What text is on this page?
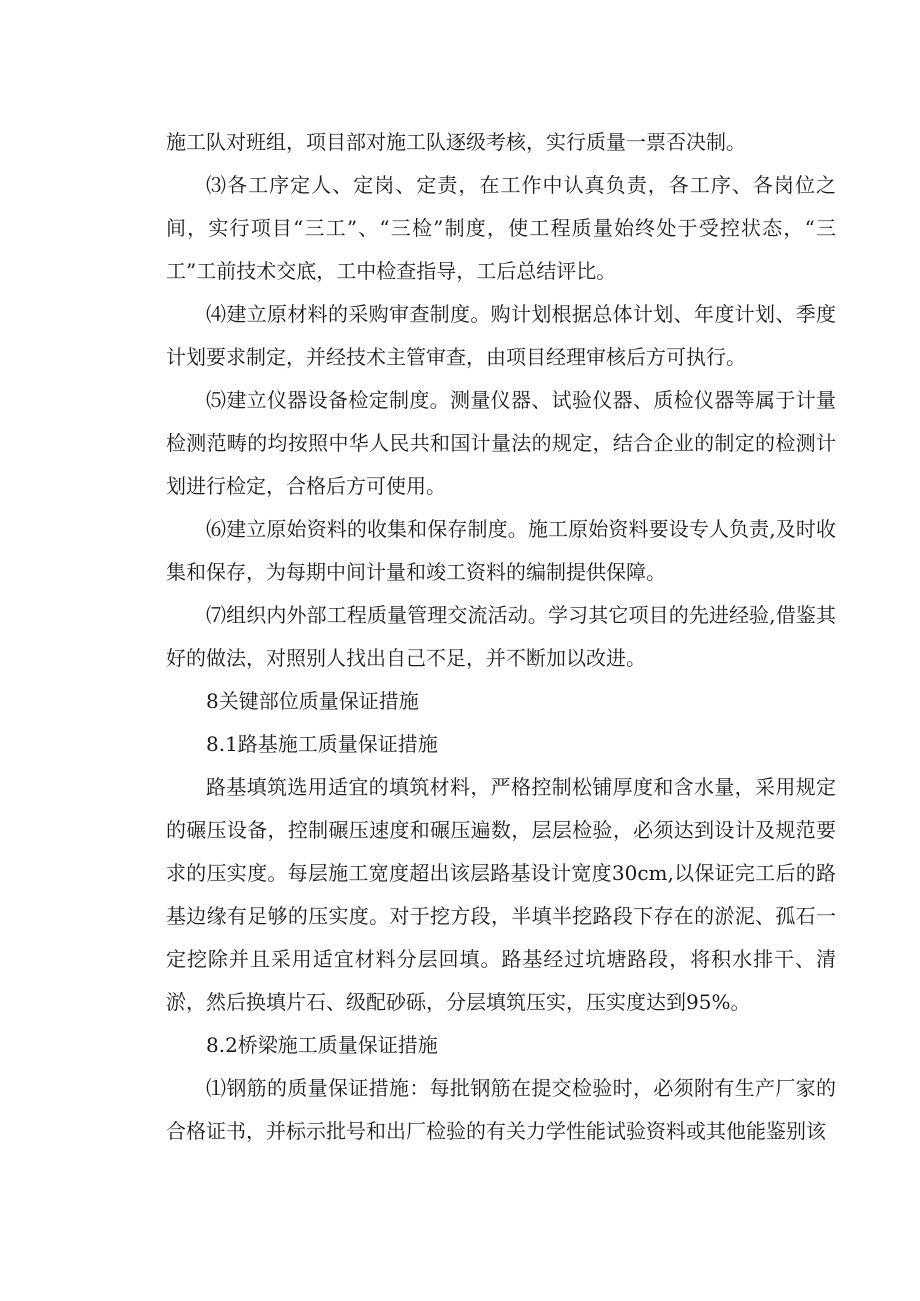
施工队对班组，项目部对施工队逐级考核，实行质量一票否决制。

⑶各工序定人、定岗、定责，在工作中认真负责，各工序、各岗位之间，实行项目“三工”、“三检”制度，使工程质量始终处于受控状态，“三工”工前技术交底，工中检查指导，工后总结评比。

⑷建立原材料的采购审查制度。购计划根据总体计划、年度计划、季度计划要求制定，并经技术主管审查，由项目经理审核后方可执行。

⑸建立仪器设备检定制度。测量仪器、试验仪器、质检仪器等属于计量检测范畴的均按照中华人民共和国计量法的规定，结合企业的制定的检测计划进行检定，合格后方可使用。

⑹建立原始资料的收集和保存制度。施工原始资料要设专人负责,及时收集和保存，为每期中间计量和竣工资料的编制提供保障。

⑺组织内外部工程质量管理交流活动。学习其它项目的先进经验,借鉴其好的做法，对照别人找出自己不足，并不断加以改进。

8关键部位质量保证措施

8.1路基施工质量保证措施

路基填筑选用适宜的填筑材料，严格控制松铺厚度和含水量，采用规定的碾压设备，控制碾压速度和碾压遍数，层层检验，必须达到设计及规范要求的压实度。每层施工宽度超出该层路基设计宽度30cm,以保证完工后的路基边缘有足够的压实度。对于挖方段，半填半挖路段下存在的淤泥、孤石一定挖除并且采用适宜材料分层回填。路基经过坑塘路段，将积水排干、清淤，然后换填片石、级配砂砾，分层填筑压实，压实度达到95%。

8.2桥梁施工质量保证措施

⑴钢筋的质量保证措施：每批钢筋在提交检验时，必须附有生产厂家的合格证书，并标示批号和出厂检验的有关力学性能试验资料或其他能鉴别该
